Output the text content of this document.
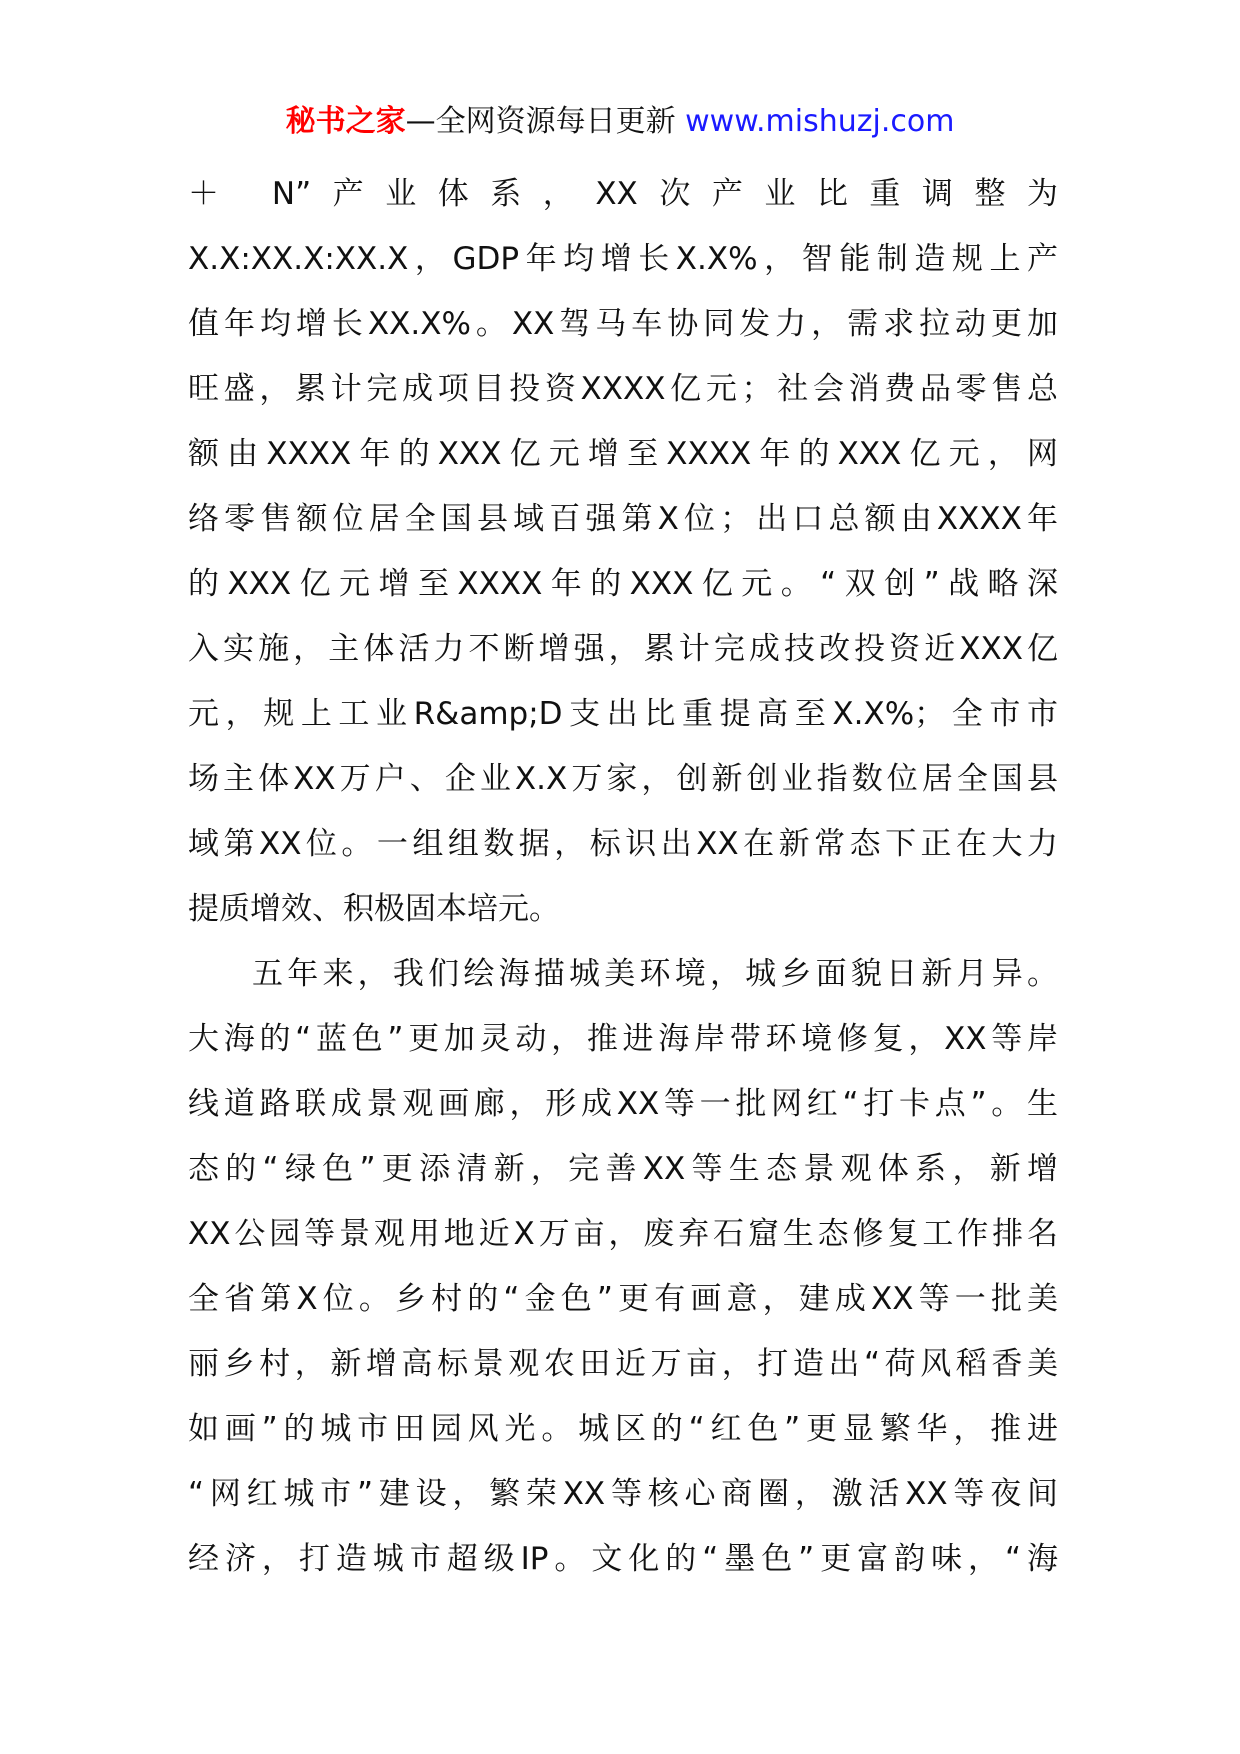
秘书之家—全网资源每日更新 www.mishuzj.com
＋ N”产业体系，XX次产业比重调整为
X.X:XX.X:XX.X，GDP年均增长X.X%，智能制造规上产
值年均增长XX.X%。XX驾马车协同发力，需求拉动更加
旺盛，累计完成项目投资XXXX亿元；社会消费品零售总
额由XXXX年的XXX亿元增至XXXX年的XXX亿元，网
络零售额位居全国县域百强第X位；出口总额由XXXX年
的XXX亿元增至XXXX年的XXX亿元。“双创”战略深
入实施，主体活力不断增强，累计完成技改投资近XXX亿
元，规上工业R&amp;D支出比重提高至X.X%；全市市
场主体XX万户、企业X.X万家，创新创业指数位居全国县
域第XX位。一组组数据，标识出XX在新常态下正在大力
提质增效、积极固本培元。
五年来，我们绘海描城美环境，城乡面貌日新月异。
大海的“蓝色”更加灵动，推进海岸带环境修复，XX等岸
线道路联成景观画廊，形成XX等一批网红“打卡点”。生
态的“绿色”更添清新，完善XX等生态景观体系，新增
XX公园等景观用地近X万亩，废弃石窟生态修复工作排名
全省第X位。乡村的“金色”更有画意，建成XX等一批美
丽乡村，新增高标景观农田近万亩，打造出“荷风稻香美
如画”的城市田园风光。城区的“红色”更显繁华，推进
“网红城市”建设，繁荣XX等核心商圈，激活XX等夜间
经济，打造城市超级IP。文化的“墨色”更富韵味，“海
